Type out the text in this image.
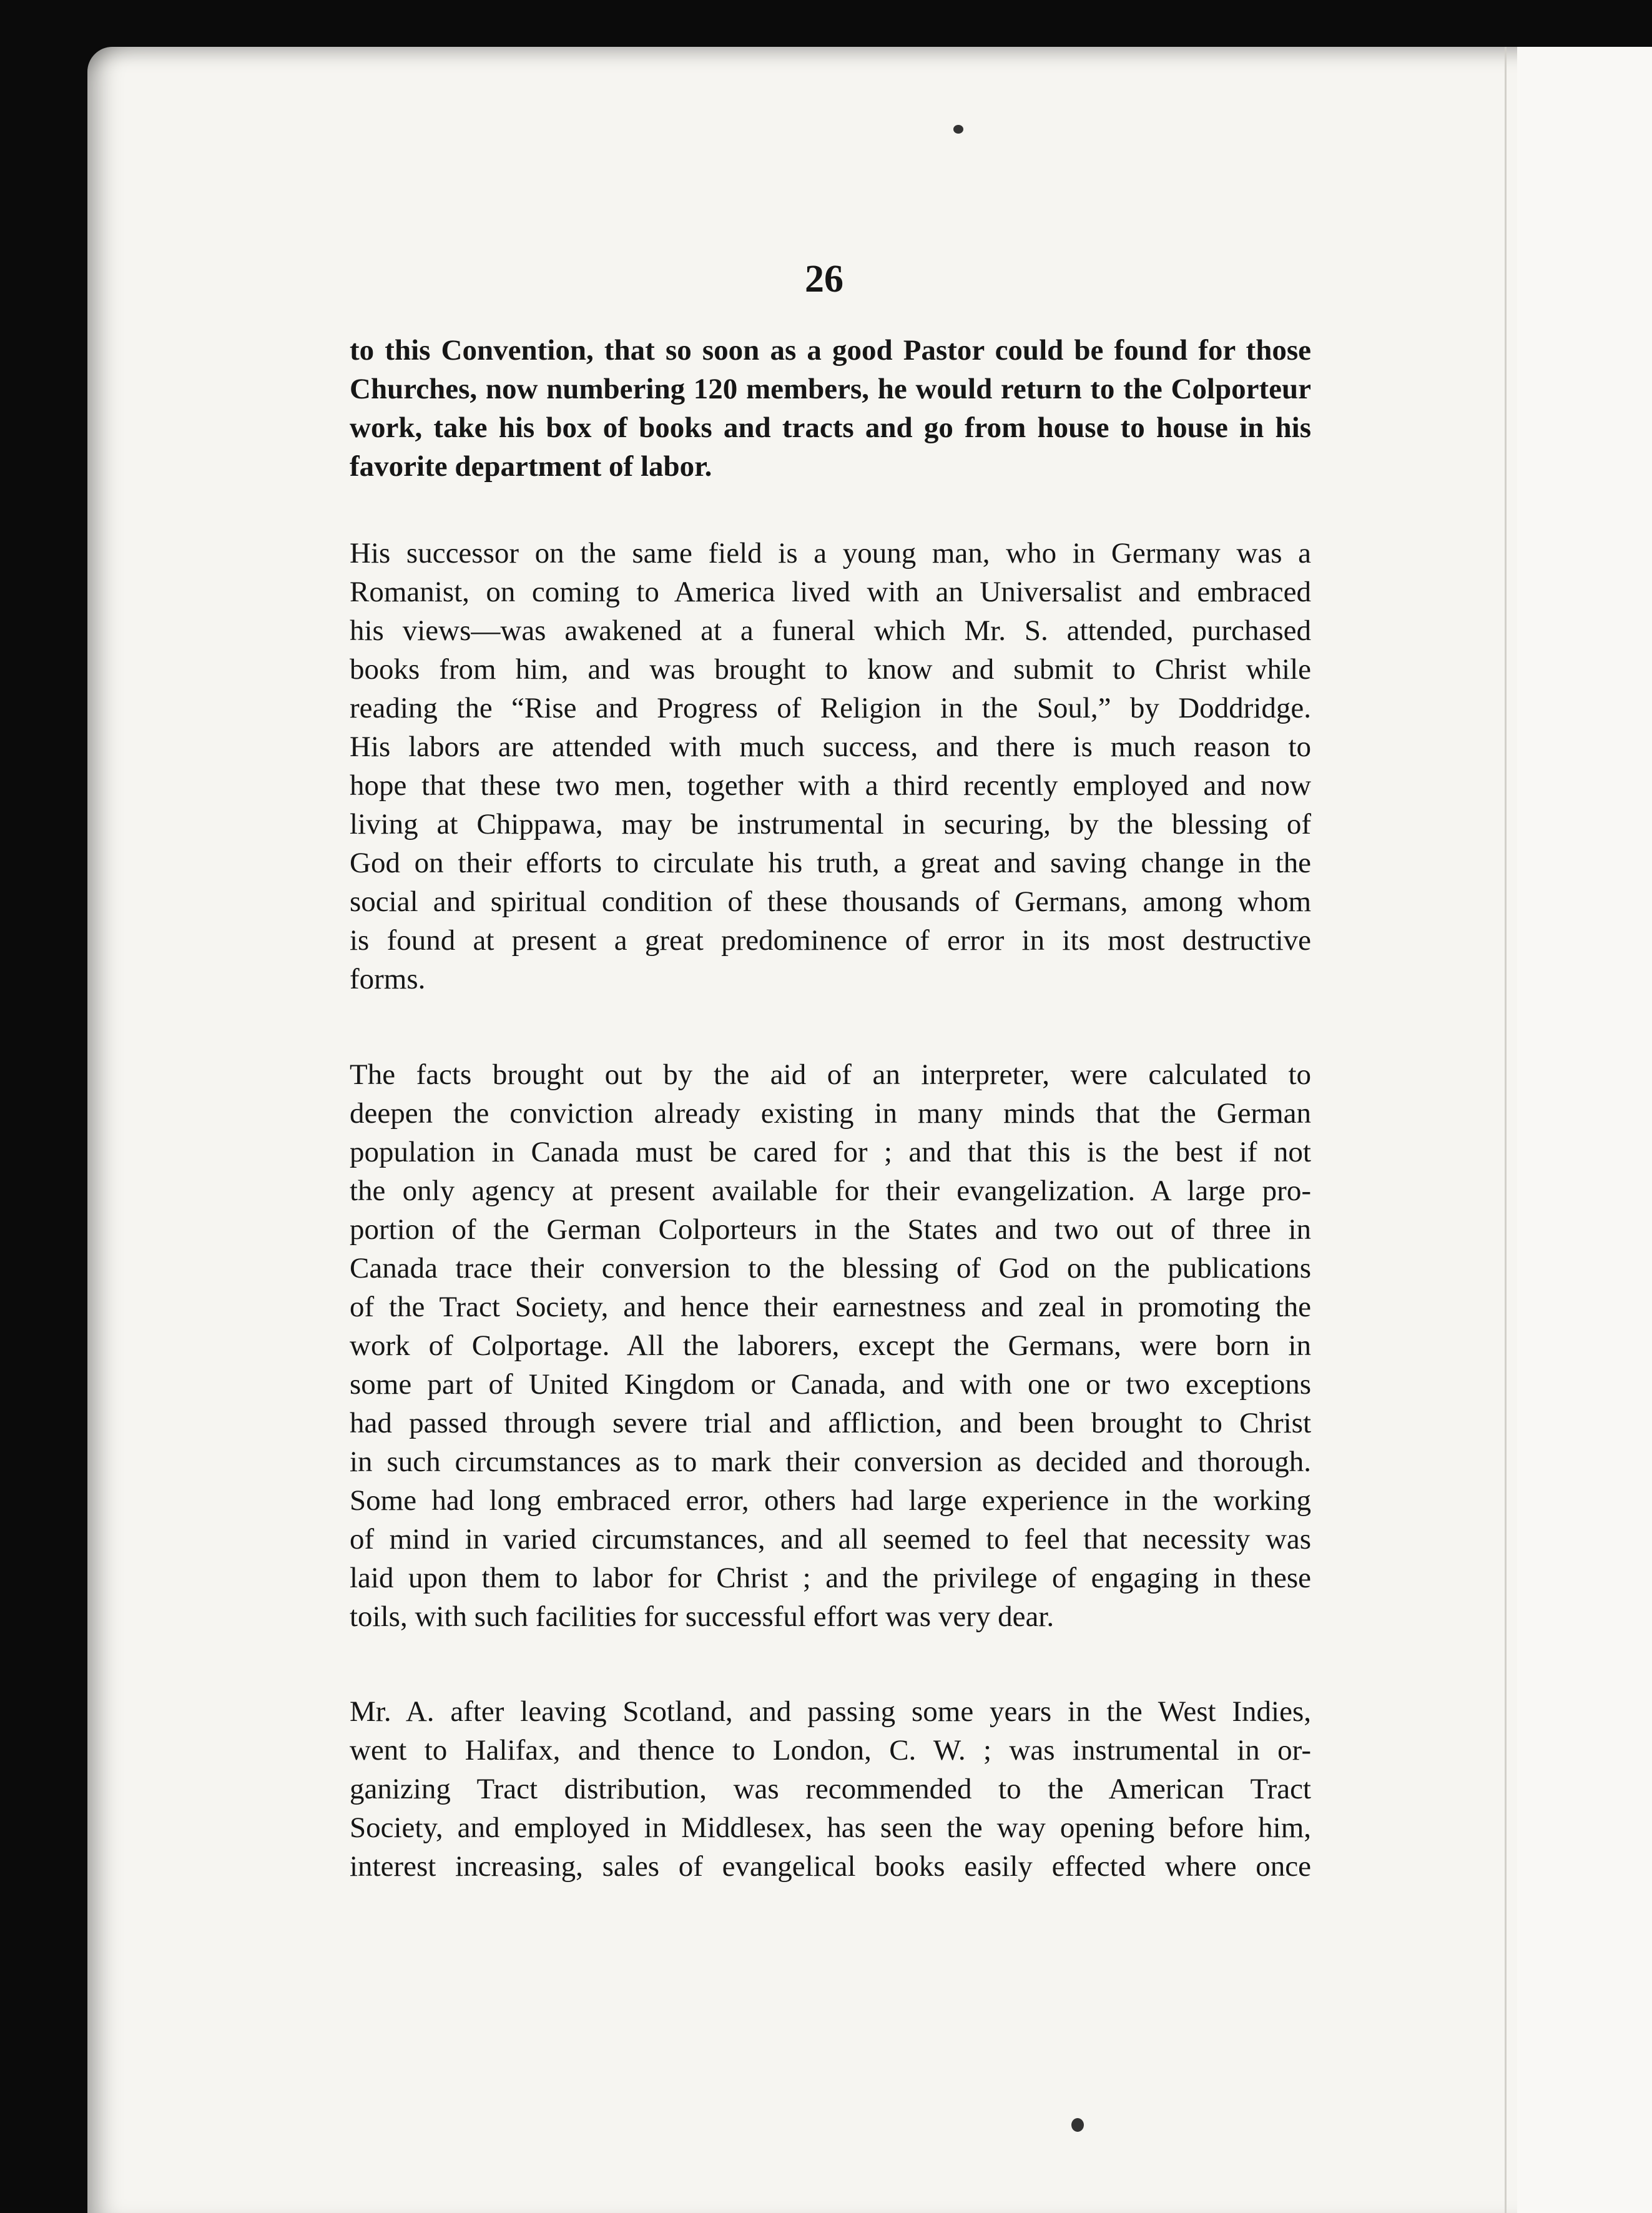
26

to this Convention, that so soon as a good Pastor could be found for those

Churches, now numbering 120 members, he would return to the Colporteur

work, take his box of books and tracts and go from house to house in his

favorite department of labor.

His successor on the same field is a young man, who in Germany was a

Romanist, on coming to America lived with an Universalist and embraced

his views—was awakened at a funeral which Mr. S. attended, purchased

books from him, and was brought to know and submit to Christ while

reading the “Rise and Progress of Religion in the Soul,” by Doddridge.

His labors are attended with much success, and there is much reason to

hope that these two men, together with a third recently employed and now

living at Chippawa, may be instrumental in securing, by the blessing of

God on their efforts to circulate his truth, a great and saving change in the

social and spiritual condition of these thousands of Germans, among whom

is found at present a great predominence of error in its most destructive

forms.

The facts brought out by the aid of an interpreter, were calculated to

deepen the conviction already existing in many minds that the German

population in Canada must be cared for ; and that this is the best if not

the only agency at present available for their evangelization. A large pro-

portion of the German Colporteurs in the States and two out of three in

Canada trace their conversion to the blessing of God on the publications

of the Tract Society, and hence their earnestness and zeal in promoting the

work of Colportage. All the laborers, except the Germans, were born in

some part of United Kingdom or Canada, and with one or two exceptions

had passed through severe trial and affliction, and been brought to Christ

in such circumstances as to mark their conversion as decided and thorough.

Some had long embraced error, others had large experience in the working

of mind in varied circumstances, and all seemed to feel that necessity was

laid upon them to labor for Christ ; and the privilege of engaging in these

toils, with such facilities for successful effort was very dear.

Mr. A. after leaving Scotland, and passing some years in the West Indies,

went to Halifax, and thence to London, C. W. ; was instrumental in or-

ganizing Tract distribution, was recommended to the American Tract

Society, and employed in Middlesex, has seen the way opening before him,

interest increasing, sales of evangelical books easily effected where once
